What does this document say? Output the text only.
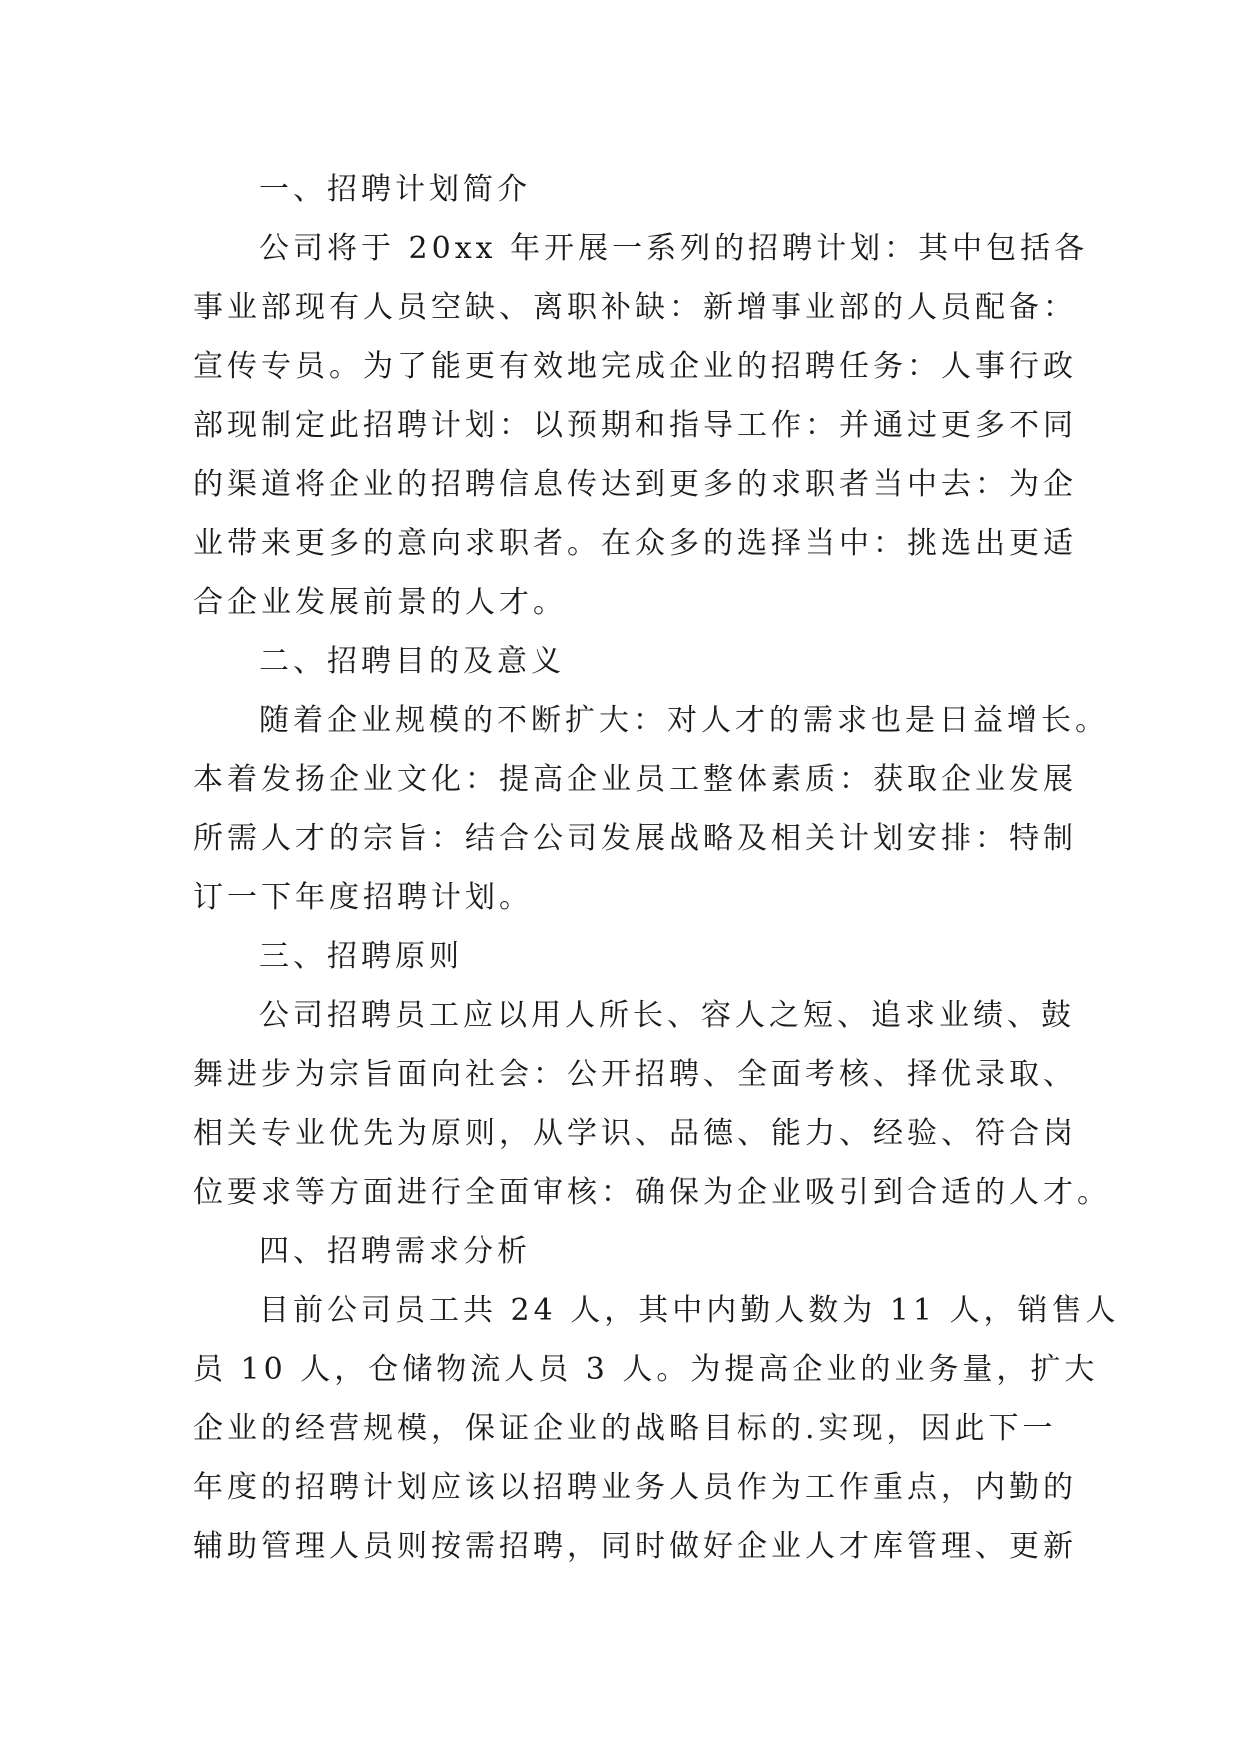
一、招聘计划简介
公司将于 20xx 年开展一系列的招聘计划：其中包括各
事业部现有人员空缺、离职补缺：新增事业部的人员配备：
宣传专员。为了能更有效地完成企业的招聘任务：人事行政
部现制定此招聘计划：以预期和指导工作：并通过更多不同
的渠道将企业的招聘信息传达到更多的求职者当中去：为企
业带来更多的意向求职者。在众多的选择当中：挑选出更适
合企业发展前景的人才。
二、招聘目的及意义
随着企业规模的不断扩大：对人才的需求也是日益增长。
本着发扬企业文化：提高企业员工整体素质：获取企业发展
所需人才的宗旨：结合公司发展战略及相关计划安排：特制
订一下年度招聘计划。
三、招聘原则
公司招聘员工应以用人所长、容人之短、追求业绩、鼓
舞进步为宗旨面向社会：公开招聘、全面考核、择优录取、
相关专业优先为原则，从学识、品德、能力、经验、符合岗
位要求等方面进行全面审核：确保为企业吸引到合适的人才。
四、招聘需求分析
目前公司员工共 24 人，其中内勤人数为 11 人，销售人
员 10 人，仓储物流人员 3 人。为提高企业的业务量，扩大
企业的经营规模，保证企业的战略目标的.实现，因此下一
年度的招聘计划应该以招聘业务人员作为工作重点，内勤的
辅助管理人员则按需招聘，同时做好企业人才库管理、更新
